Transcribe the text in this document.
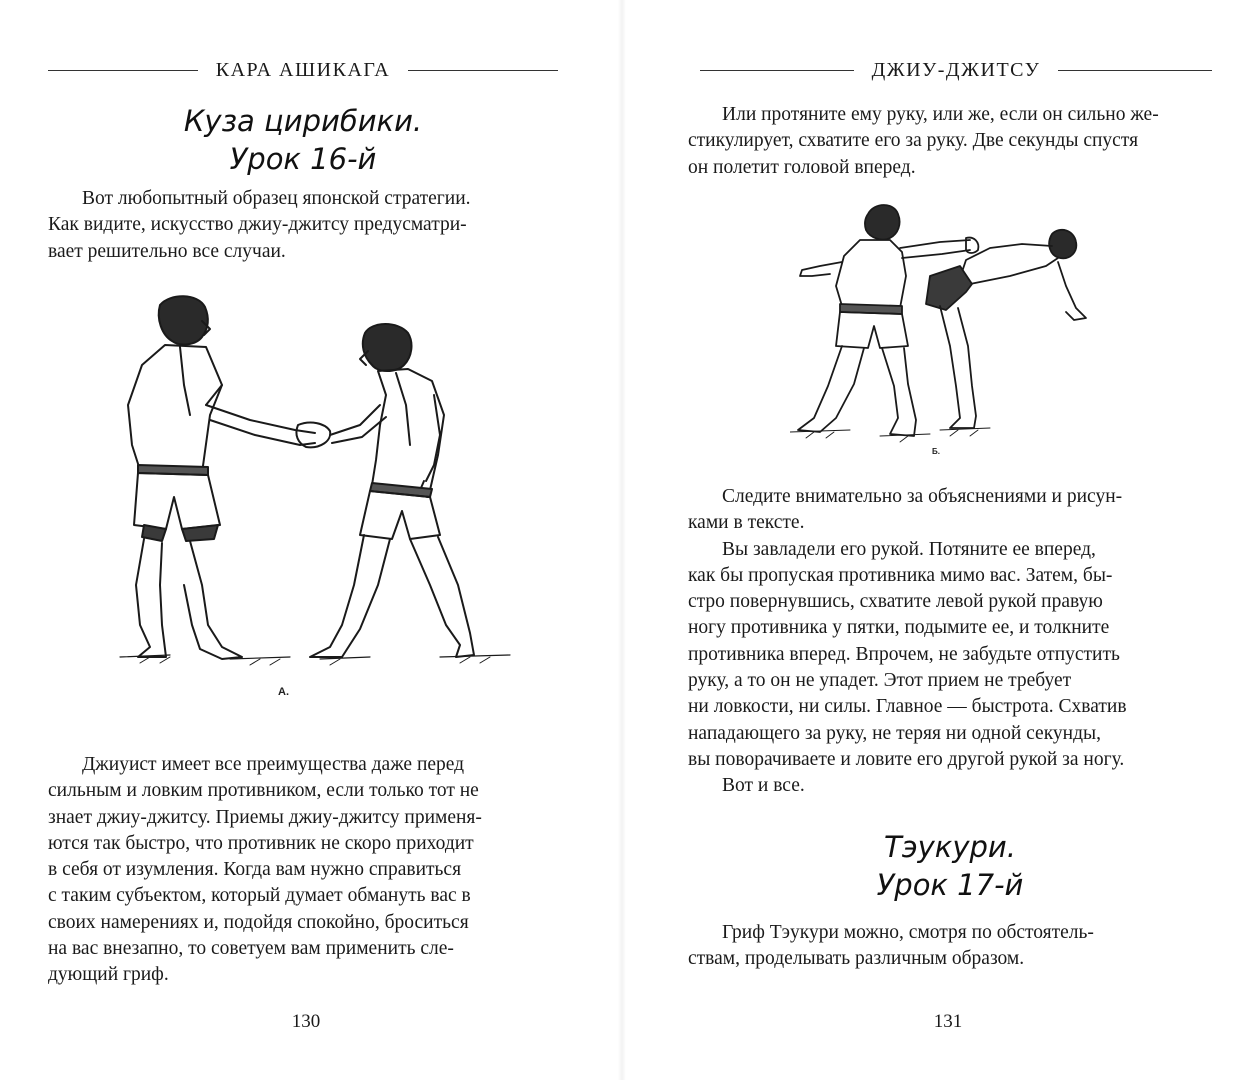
КАРА АШИКАГА
Куза цирибики.
Урок 16-й

Вот любопытный образец японской стратегии.

Как видите, искусство джиу-джитсу предусматри-
вает решительно все случаи.
А.

Джиуист имеет все преимущества даже перед

сильным и ловким противником, если только тот не
знает джиу-джитсу. Приемы джиу-джитсу применя-
ются так быстро, что противник не скоро приходит
в себя от изумления. Когда вам нужно справиться
с таким субъектом, который думает обмануть вас в
своих намерениях и, подойдя спокойно, броситься
на вас внезапно, то советуем вам применить сле-
дующий гриф.
130
ДЖИУ-ДЖИТСУ

Или протяните ему руку, или же, если он сильно же-

стикулирует, схватите его за руку. Две секунды спустя
он полетит головой вперед.
Б.

Следите внимательно за объяснениями и рисун-

ками в тексте.

Вы завладели его рукой. Потяните ее вперед,

как бы пропуская противника мимо вас. Затем, бы-
стро повернувшись, схватите левой рукой правую
ногу противника у пятки, подымите ее, и толкните
противника вперед. Впрочем, не забудьте отпустить
руку, а то он не упадет. Этот прием не требует
ни ловкости, ни силы. Главное — быстрота. Схватив
нападающего за руку, не теряя ни одной секунды,
вы поворачиваете и ловите его другой рукой за ногу.

Вот и все.

Тэукури.
Урок 17-й

Гриф Тэукури можно, смотря по обстоятель-

ствам, проделывать различным образом.
131
